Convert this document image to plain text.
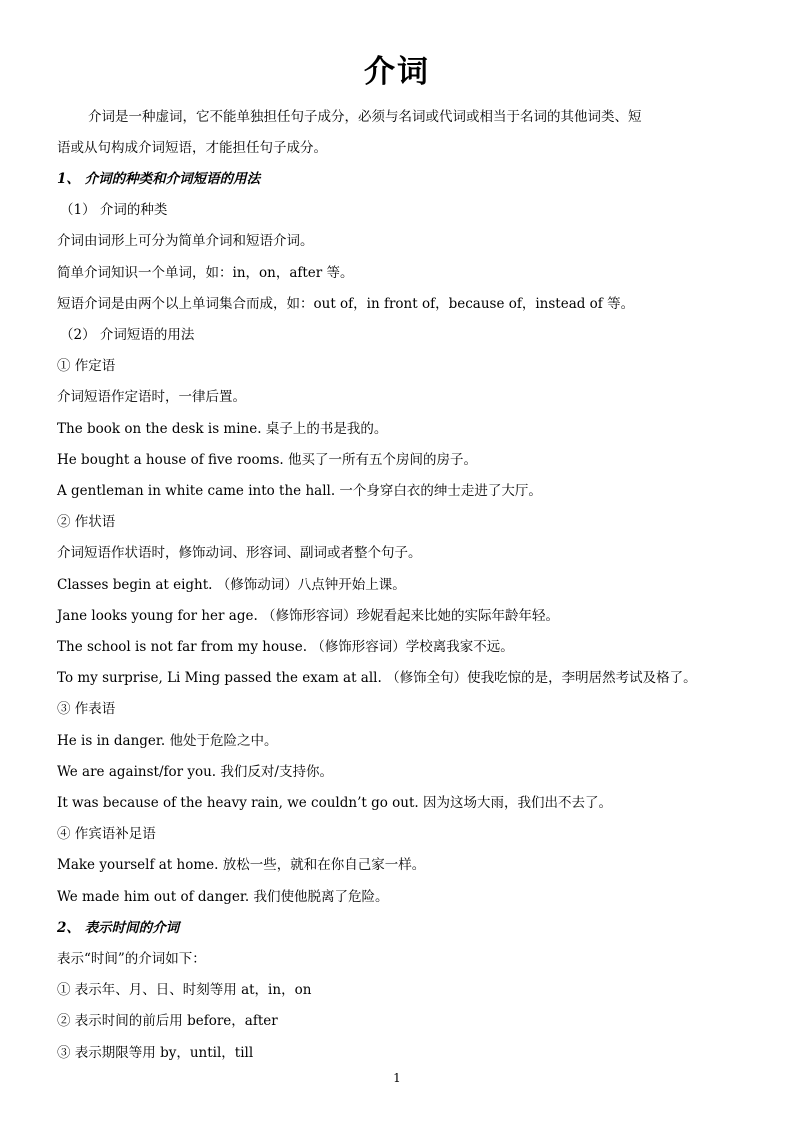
介词
介词是一种虚词，它不能单独担任句子成分，必须与名词或代词或相当于名词的其他词类、短
语或从句构成介词短语，才能担任句子成分。
1、 介词的种类和介词短语的用法
（1） 介词的种类
介词由词形上可分为简单介词和短语介词。
简单介词知识一个单词，如：in，on，after 等。
短语介词是由两个以上单词集合而成，如：out of，in front of，because of，instead of 等。
（2） 介词短语的用法
① 作定语
介词短语作定语时，一律后置。
The book on the desk is mine. 桌子上的书是我的。
He bought a house of five rooms. 他买了一所有五个房间的房子。
A gentleman in white came into the hall. 一个身穿白衣的绅士走进了大厅。
② 作状语
介词短语作状语时，修饰动词、形容词、副词或者整个句子。
Classes begin at eight. （修饰动词）八点钟开始上课。
Jane looks young for her age. （修饰形容词）珍妮看起来比她的实际年龄年轻。
The school is not far from my house. （修饰形容词）学校离我家不远。
To my surprise, Li Ming passed the exam at all. （修饰全句）使我吃惊的是，李明居然考试及格了。
③ 作表语
He is in danger. 他处于危险之中。
We are against/for you. 我们反对/支持你。
It was because of the heavy rain, we couldn’t go out. 因为这场大雨，我们出不去了。
④ 作宾语补足语
Make yourself at home. 放松一些，就和在你自己家一样。
We made him out of danger. 我们使他脱离了危险。
2、 表示时间的介词
表示“时间”的介词如下：
① 表示年、月、日、时刻等用 at，in，on
② 表示时间的前后用 before，after
③ 表示期限等用 by，until，till
1
